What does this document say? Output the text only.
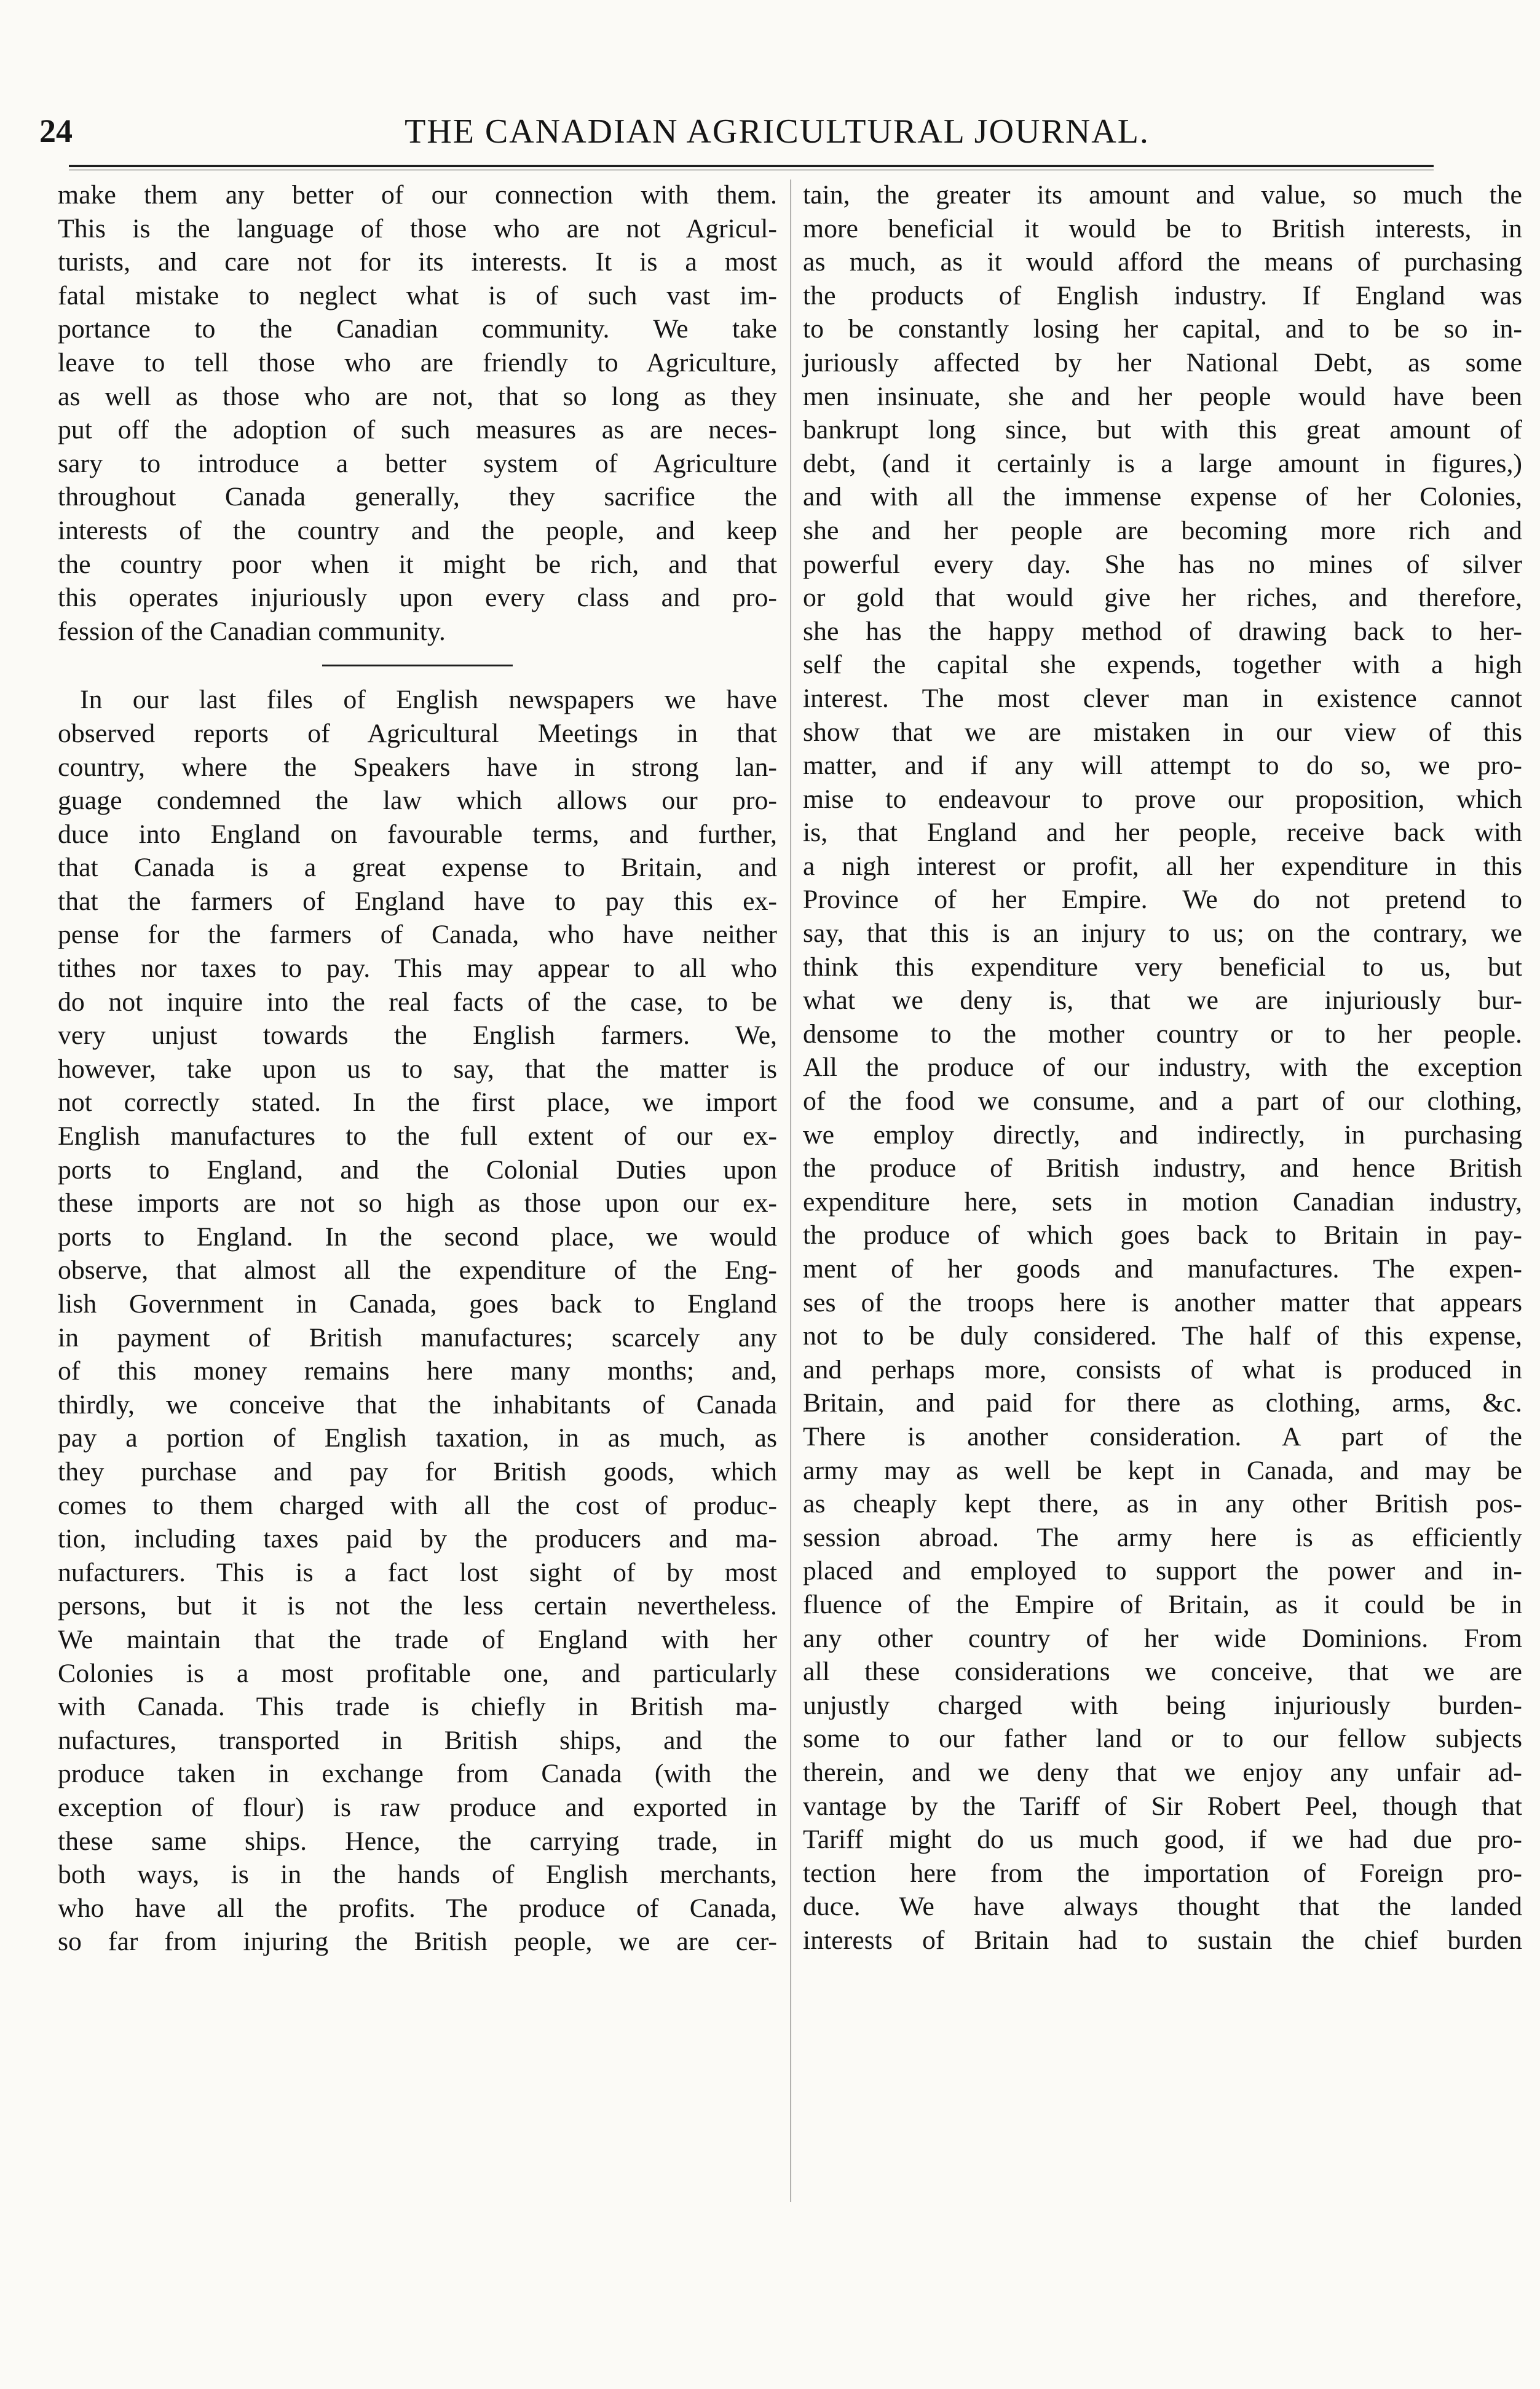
24	THE CANADIAN AGRICULTURAL JOURNAL.
make them any better of our connection with them.
This is the language of those who are not Agricul-
turists, and care not for its interests. It is a most
fatal mistake to neglect what is of such vast im-
portance to the Canadian community. We take
leave to tell those who are friendly to Agriculture,
as well as those who are not, that so long as they
put off the adoption of such measures as are neces-
sary to introduce a better system of Agriculture
throughout Canada generally, they sacrifice the
interests of the country and the people, and keep
the country poor when it might be rich, and that
this operates injuriously upon every class and pro-
fession of the Canadian community.
In our last files of English newspapers we have
observed reports of Agricultural Meetings in that
country, where the Speakers have in strong lan-
guage condemned the law which allows our pro-
duce into England on favourable terms, and further,
that Canada is a great expense to Britain, and
that the farmers of England have to pay this ex-
pense for the farmers of Canada, who have neither
tithes nor taxes to pay. This may appear to all who
do not inquire into the real facts of the case, to be
very unjust towards the English farmers. We,
however, take upon us to say, that the matter is
not correctly stated. In the first place, we import
English manufactures to the full extent of our ex-
ports to England, and the Colonial Duties upon
these imports are not so high as those upon our ex-
ports to England. In the second place, we would
observe, that almost all the expenditure of the Eng-
lish Government in Canada, goes back to England
in payment of British manufactures; scarcely any
of this money remains here many months; and,
thirdly, we conceive that the inhabitants of Canada
pay a portion of English taxation, in as much, as
they purchase and pay for British goods, which
comes to them charged with all the cost of produc-
tion, including taxes paid by the producers and ma-
nufacturers. This is a fact lost sight of by most
persons, but it is not the less certain nevertheless.
We maintain that the trade of England with her
Colonies is a most profitable one, and particularly
with Canada. This trade is chiefly in British ma-
nufactures, transported in British ships, and the
produce taken in exchange from Canada (with the
exception of flour) is raw produce and exported in
these same ships. Hence, the carrying trade, in
both ways, is in the hands of English merchants,
who have all the profits. The produce of Canada,
so far from injuring the British people, we are cer-
tain, the greater its amount and value, so much the
more beneficial it would be to British interests, in
as much, as it would afford the means of purchasing
the products of English industry. If England was
to be constantly losing her capital, and to be so in-
juriously affected by her National Debt, as some
men insinuate, she and her people would have been
bankrupt long since, but with this great amount of
debt, (and it certainly is a large amount in figures,)
and with all the immense expense of her Colonies,
she and her people are becoming more rich and
powerful every day. She has no mines of silver
or gold that would give her riches, and therefore,
she has the happy method of drawing back to her-
self the capital she expends, together with a high
interest. The most clever man in existence cannot
show that we are mistaken in our view of this
matter, and if any will attempt to do so, we pro-
mise to endeavour to prove our proposition, which
is, that England and her people, receive back with
a nigh interest or profit, all her expenditure in this
Province of her Empire. We do not pretend to
say, that this is an injury to us; on the contrary, we
think this expenditure very beneficial to us, but
what we deny is, that we are injuriously bur-
densome to the mother country or to her people.
All the produce of our industry, with the exception
of the food we consume, and a part of our clothing,
we employ directly, and indirectly, in purchasing
the produce of British industry, and hence British
expenditure here, sets in motion Canadian industry,
the produce of which goes back to Britain in pay-
ment of her goods and manufactures. The expen-
ses of the troops here is another matter that appears
not to be duly considered. The half of this expense,
and perhaps more, consists of what is produced in
Britain, and paid for there as clothing, arms, &c.
There is another consideration. A part of the
army may as well be kept in Canada, and may be
as cheaply kept there, as in any other British pos-
session abroad. The army here is as efficiently
placed and employed to support the power and in-
fluence of the Empire of Britain, as it could be in
any other country of her wide Dominions. From
all these considerations we conceive, that we are
unjustly charged with being injuriously burden-
some to our father land or to our fellow subjects
therein, and we deny that we enjoy any unfair ad-
vantage by the Tariff of Sir Robert Peel, though that
Tariff might do us much good, if we had due pro-
tection here from the importation of Foreign pro-
duce. We have always thought that the landed
interests of Britain had to sustain the chief burden
